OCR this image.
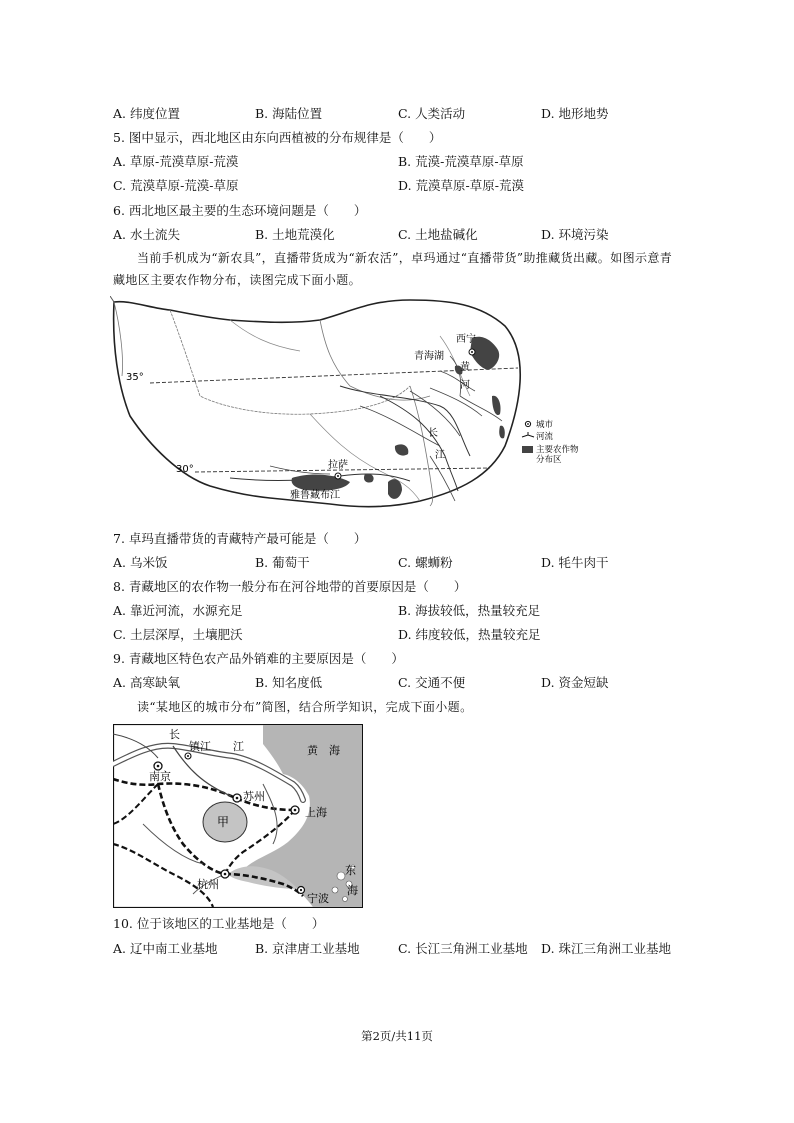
A. 纬度位置	B. 海陆位置	C. 人类活动	D. 地形地势
5. 图中显示，西北地区由东向西植被的分布规律是（　　）
A. 草原-荒漠草原-荒漠	B. 荒漠-荒漠草原-草原
C. 荒漠草原-荒漠-草原	D. 荒漠草原-草原-荒漠
6. 西北地区最主要的生态环境问题是（　　）
A. 水土流失	B. 土地荒漠化	C. 土地盐碱化	D. 环境污染
当前手机成为“新农具”，直播带货成为“新农活”，卓玛通过“直播带货”助推藏货出藏。如图示意青藏地区主要农作物分布，读图完成下面小题。
西宁
青海湖
黄
河
长
江
拉萨
雅鲁藏布江
35°
30°
城市
河流
主要农作物
分布区
7. 卓玛直播带货的青藏特产最可能是（　　）
A. 乌米饭	B. 葡萄干	C. 螺蛳粉	D. 牦牛肉干
8. 青藏地区的农作物一般分布在河谷地带的首要原因是（　　）
A. 靠近河流，水源充足	B. 海拔较低，热量较充足
C. 土层深厚，土壤肥沃	D. 纬度较低，热量较充足
9. 青藏地区特色农产品外销难的主要原因是（　　）
A. 高寒缺氧	B. 知名度低	C. 交通不便	D. 资金短缺
读“某地区的城市分布”简图，结合所学知识，完成下面小题。
长
镇江 江	黄　海
南京
苏州
甲
上海
杭州
东
海
宁波
10. 位于该地区的工业基地是（　　）
A. 辽中南工业基地	B. 京津唐工业基地	C. 长江三角洲工业基地 D. 珠江三角洲工业基地
第2页/共11页
